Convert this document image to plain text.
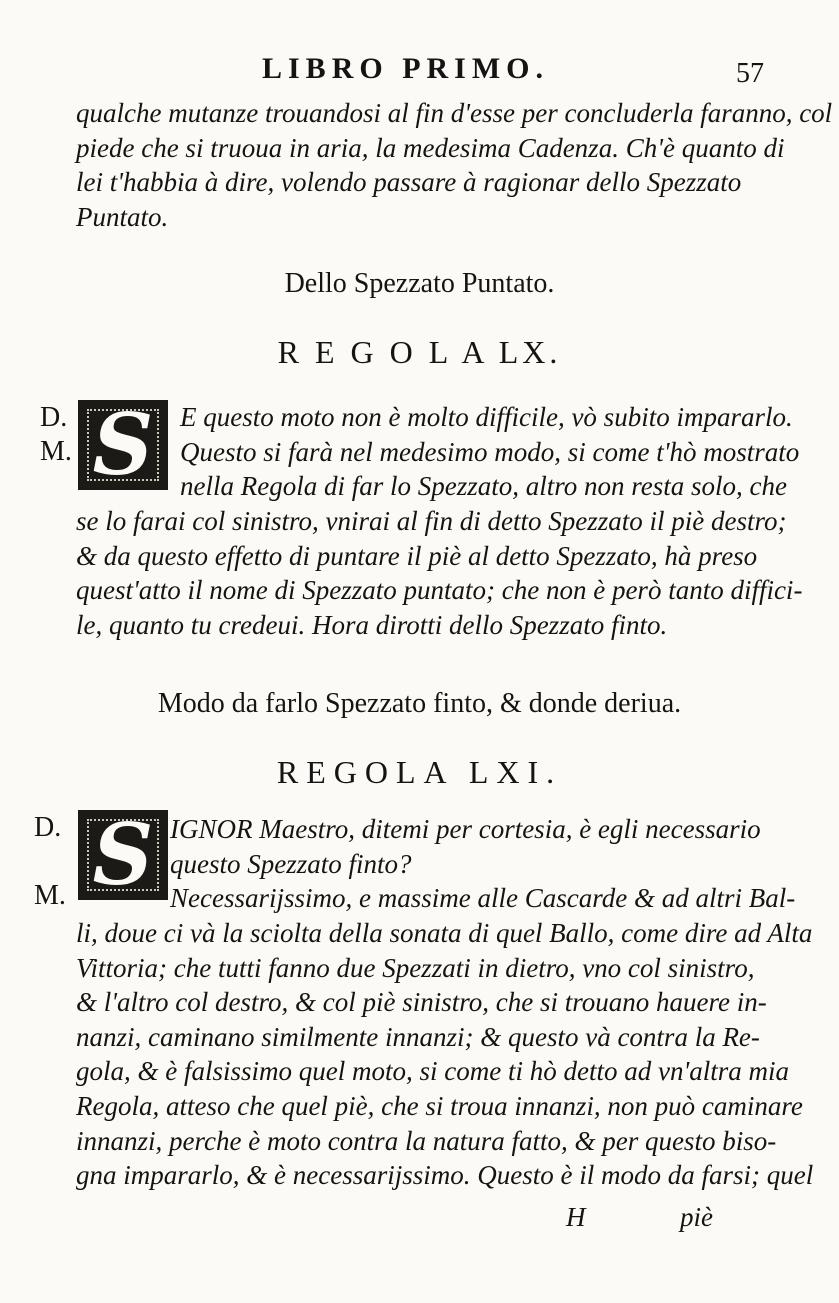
LIBRO PRIMO.	57
qualche mutanze trouandosi al fin d'esse per concluderla faranno, col
piede che si truoua in aria, la medesima Cadenza. Ch'è quanto di
lei t'habbia à dire, volendo passare à ragionar dello Spezzato
Puntato.
Dello Spezzato Puntato.
R E G O L A LX.
D.
M. S E questo moto non è molto difficile, vò subito impararlo.
Questo si farà nel medesimo modo, si come t'hò mostrato
nella Regola di far lo Spezzato, altro non resta solo, che
se lo farai col sinistro, vnirai al fin di detto Spezzato il piè destro;
& da questo effetto di puntare il piè al detto Spezzato, hà preso
quest'atto il nome di Spezzato puntato; che non è però tanto diffici-
le, quanto tu credeui. Hora dirotti dello Spezzato finto.
Modo da farlo Spezzato finto, & donde deriua.
REGOLA LXI.
D.
M. S IGNOR Maestro, ditemi per cortesia, è egli necessario
questo Spezzato finto?
Necessarijssimo, e massime alle Cascarde & ad altri Bal-
li, doue ci và la sciolta della sonata di quel Ballo, come dire ad Alta
Vittoria; che tutti fanno due Spezzati in dietro, vno col sinistro,
& l'altro col destro, & col piè sinistro, che si trouano hauere in-
nanzi, caminano similmente innanzi; & questo và contra la Re-
gola, & è falsissimo quel moto, si come ti hò detto ad vn'altra mia
Regola, atteso che quel piè, che si troua innanzi, non può caminare
innanzi, perche è moto contra la natura fatto, & per questo biso-
gna impararlo, & è necessarijssimo. Questo è il modo da farsi; quel
H	piè
